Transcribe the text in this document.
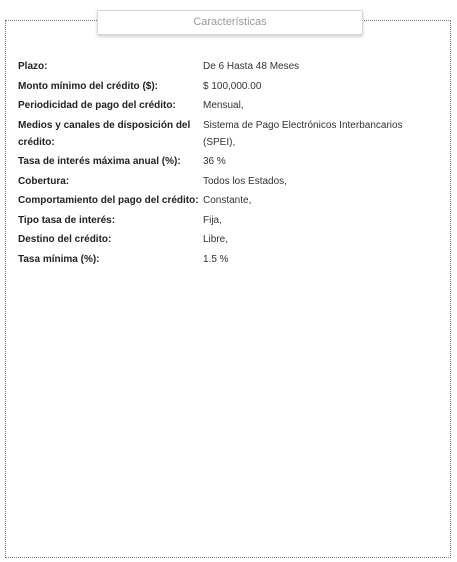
Características
Plazo:	De 6 Hasta 48 Meses
Monto mínimo del crédito ($):	$ 100,000.00
Periodicidad de pago del crédito:	Mensual,
Medios y canales de disposición del crédito:
Sistema de Pago Electrónicos Interbancarios (SPEI),
Tasa de interés máxima anual (%):	36 %
Cobertura:	Todos los Estados,
Comportamiento del pago del crédito: Constante,
Tipo tasa de interés:	Fija,
Destino del crédito:	Libre,
Tasa mínima (%):	1.5 %
